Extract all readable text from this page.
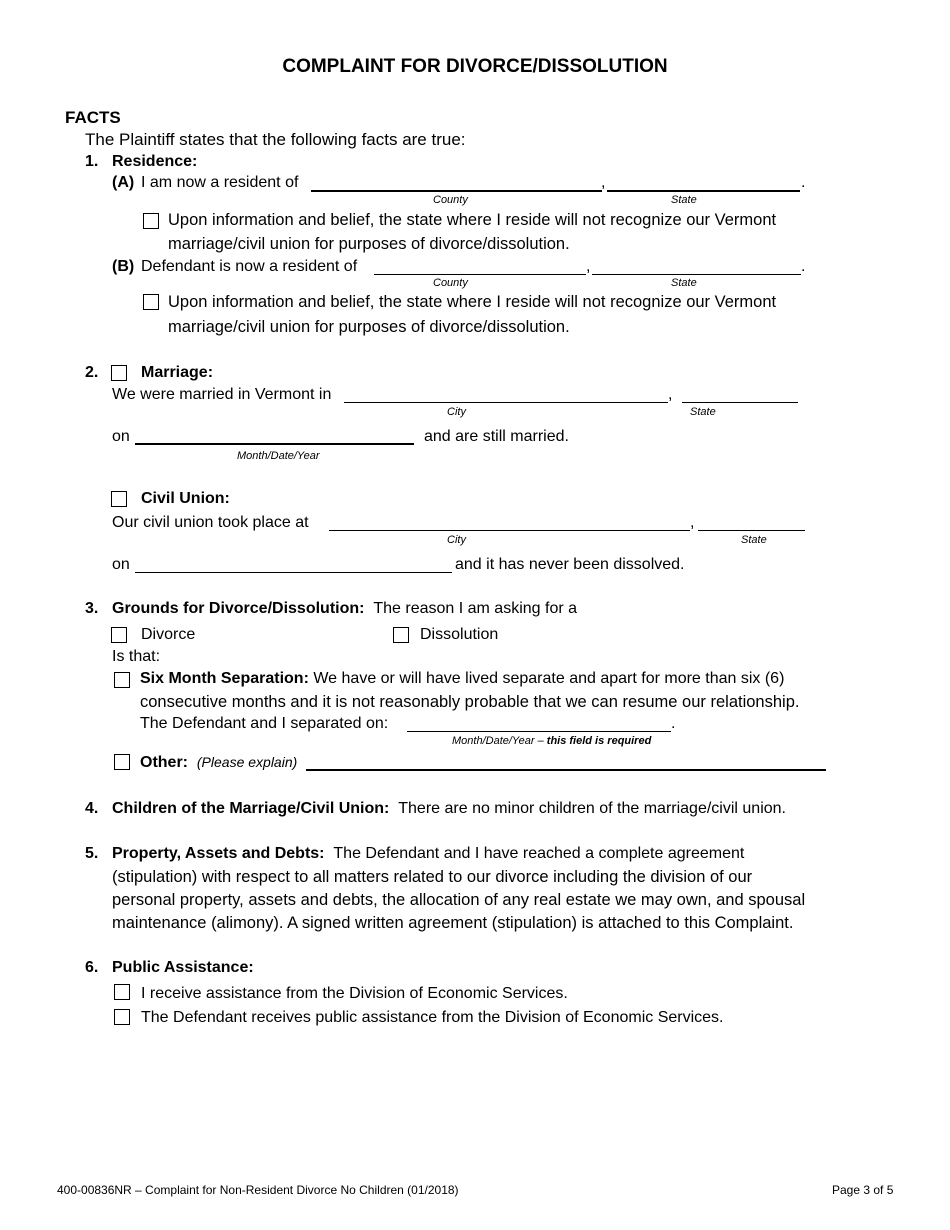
COMPLAINT FOR DIVORCE/DISSOLUTION
FACTS
The Plaintiff states that the following facts are true:
1. Residence:
(A) I am now a resident of	,	.
County	State
Upon information and belief, the state where I reside will not recognize our Vermont
marriage/civil union for purposes of divorce/dissolution.
(B) Defendant is now a resident of	,	.
County	State
Upon information and belief, the state where I reside will not recognize our Vermont
marriage/civil union for purposes of divorce/dissolution.
2.	Marriage:
We were married in Vermont in	,
City	State
on	and are still married.
Month/Date/Year
Civil Union:
Our civil union took place at	,
City	State
on	and it has never been dissolved.
3. Grounds for Divorce/Dissolution: The reason I am asking for a
Divorce	Dissolution
Is that:
Six Month Separation: We have or will have lived separate and apart for more than six (6)
consecutive months and it is not reasonably probable that we can resume our relationship.
The Defendant and I separated on:	.
Month/Date/Year – this field is required
Other: (Please explain)
4. Children of the Marriage/Civil Union: There are no minor children of the marriage/civil union.
5. Property, Assets and Debts: The Defendant and I have reached a complete agreement
(stipulation) with respect to all matters related to our divorce including the division of our
personal property, assets and debts, the allocation of any real estate we may own, and spousal
maintenance (alimony). A signed written agreement (stipulation) is attached to this Complaint.
6. Public Assistance:
I receive assistance from the Division of Economic Services.
The Defendant receives public assistance from the Division of Economic Services.
400-00836NR – Complaint for Non-Resident Divorce No Children (01/2018)	Page 3 of 5
